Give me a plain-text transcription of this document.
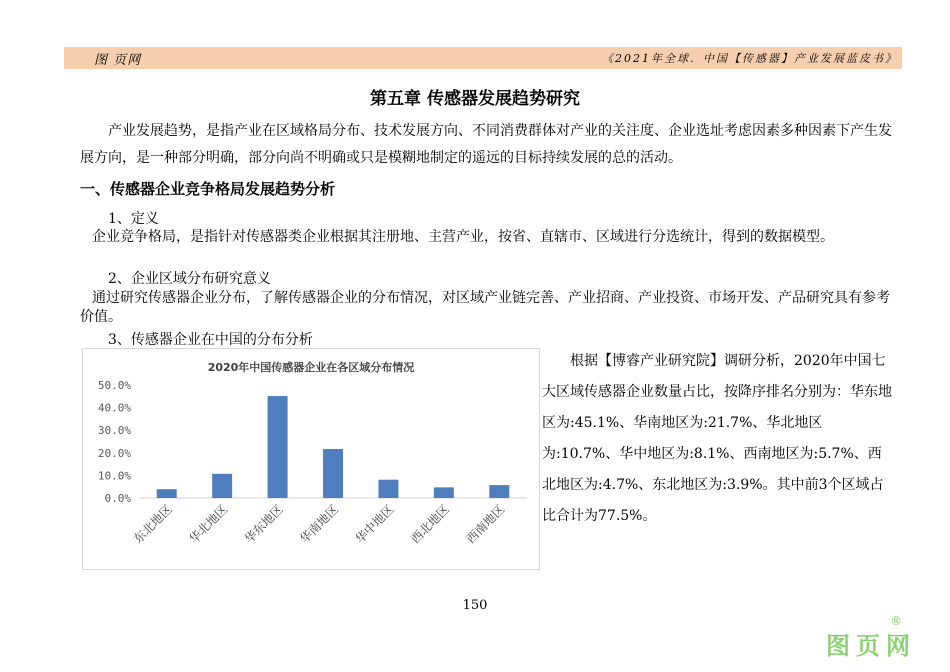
图 页网	《2021年全球．中国【传感器】产业发展蓝皮书》
第五章 传感器发展趋势研究

产业发展趋势，是指产业在区域格局分布、技术发展方向、不同消费群体对产业的关注度、企业选址考虑因素多种因素下产生发展方向，是一种部分明确，部分向尚不明确或只是模糊地制定的遥远的目标持续发展的总的活动。

一、传感器企业竞争格局发展趋势分析
1、定义

企业竞争格局，是指针对传感器类企业根据其注册地、主营产业，按省、直辖市、区域进行分选统计，得到的数据模型。

2、企业区域分布研究意义

通过研究传感器企业分布，了解传感器企业的分布情况，对区域产业链完善、产业招商、产业投资、市场开发、产品研究具有参考价值。

3、传感器企业在中国的分布分析
2020年中国传感器企业在各区域分布情况
0.0%
10.0%
20.0%
30.0%
40.0%
50.0%
东北地区 华北地区 华东地区 华南地区 华中地区 西北地区 西南地区

根据【博睿产业研究院】调研分析，2020年中国七大区域传感器企业数量占比，按降序排名分别为：华东地区为:45.1%、华南地区为:21.7%、华北地区为:10.7%、华中地区为:8.1%、西南地区为:5.7%、西北地区为:4.7%、东北地区为:3.9%。其中前3个区域占比合计为77.5%。

150
图页网
®
